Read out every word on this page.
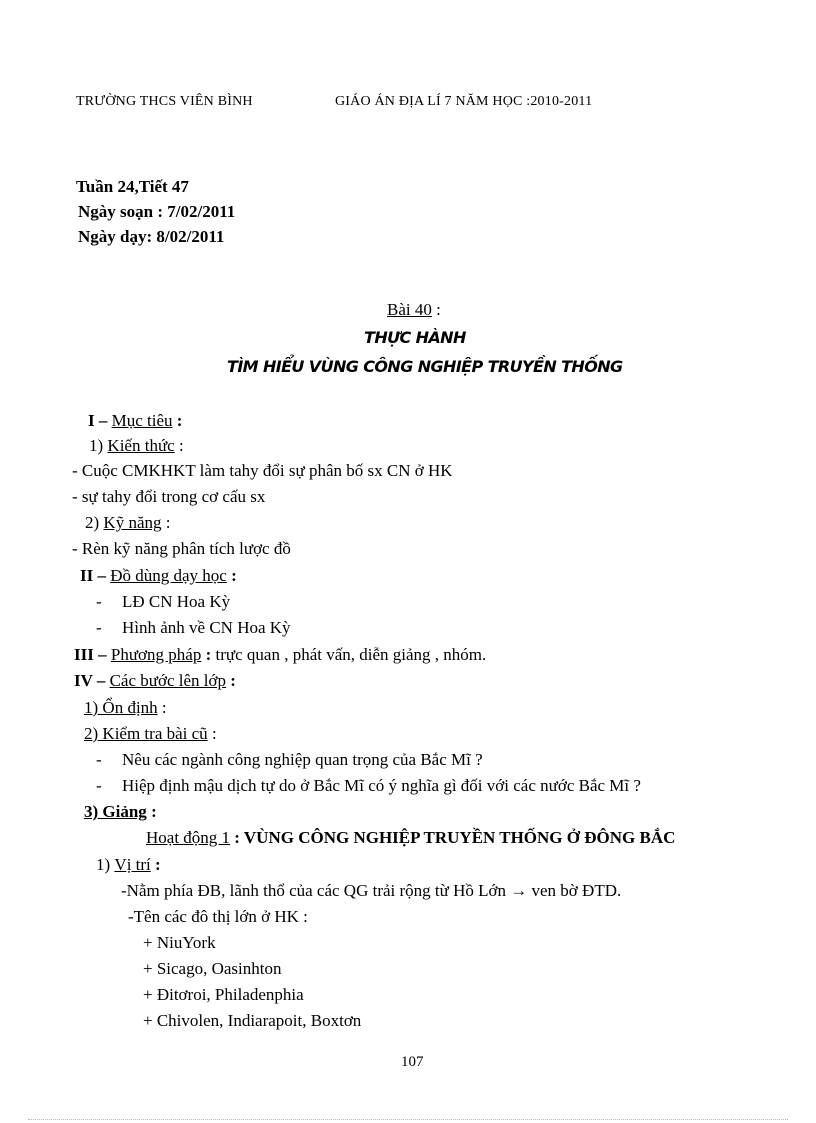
TRƯỜNG THCS VIÊN BÌNH	GIÁO ÁN ĐỊA LÍ 7 NĂM HỌC :2010-2011
Tuần 24,Tiết 47
Ngày soạn : 7/02/2011
Ngày dạy: 8/02/2011
Bài 40 :
THỰC HÀNH
TÌM HIỂU VÙNG CÔNG NGHIỆP TRUYỀN THỐNG
I – Mục tiêu :
1) Kiến thức :
- Cuộc CMKHKT làm tahy đổi sự phân bố sx CN ở HK
- sự tahy đổi trong cơ cấu sx
2) Kỹ năng :
- Rèn kỹ năng phân tích lược đồ
II – Đồ dùng dạy học :
- LĐ CN Hoa Kỳ
- Hình ảnh về CN Hoa Kỳ
III – Phương pháp : trực quan , phát vấn, diễn giảng , nhóm.
IV – Các bước lên lớp :
1) Ổn định :
2) Kiểm tra bài cũ :
- Nêu các ngành công nghiệp quan trọng của Bắc Mĩ ?
- Hiệp định mậu dịch tự do ở Bắc Mĩ có ý nghĩa gì đối với các nước Bắc Mĩ ?
3) Giảng :
Hoạt động 1 : VÙNG CÔNG NGHIỆP TRUYỀN THỐNG Ở ĐÔNG BẮC
1) Vị trí :
-Nằm phía ĐB, lãnh thổ của các QG trải rộng từ Hồ Lớn → ven bờ ĐTD.
-Tên các đô thị lớn ở HK :
+ NiuYork
+ Sicago, Oasinhton
+ Đitơroi, Philadenphia
+ Chivolen, Indiarapoit, Boxtơn
107
